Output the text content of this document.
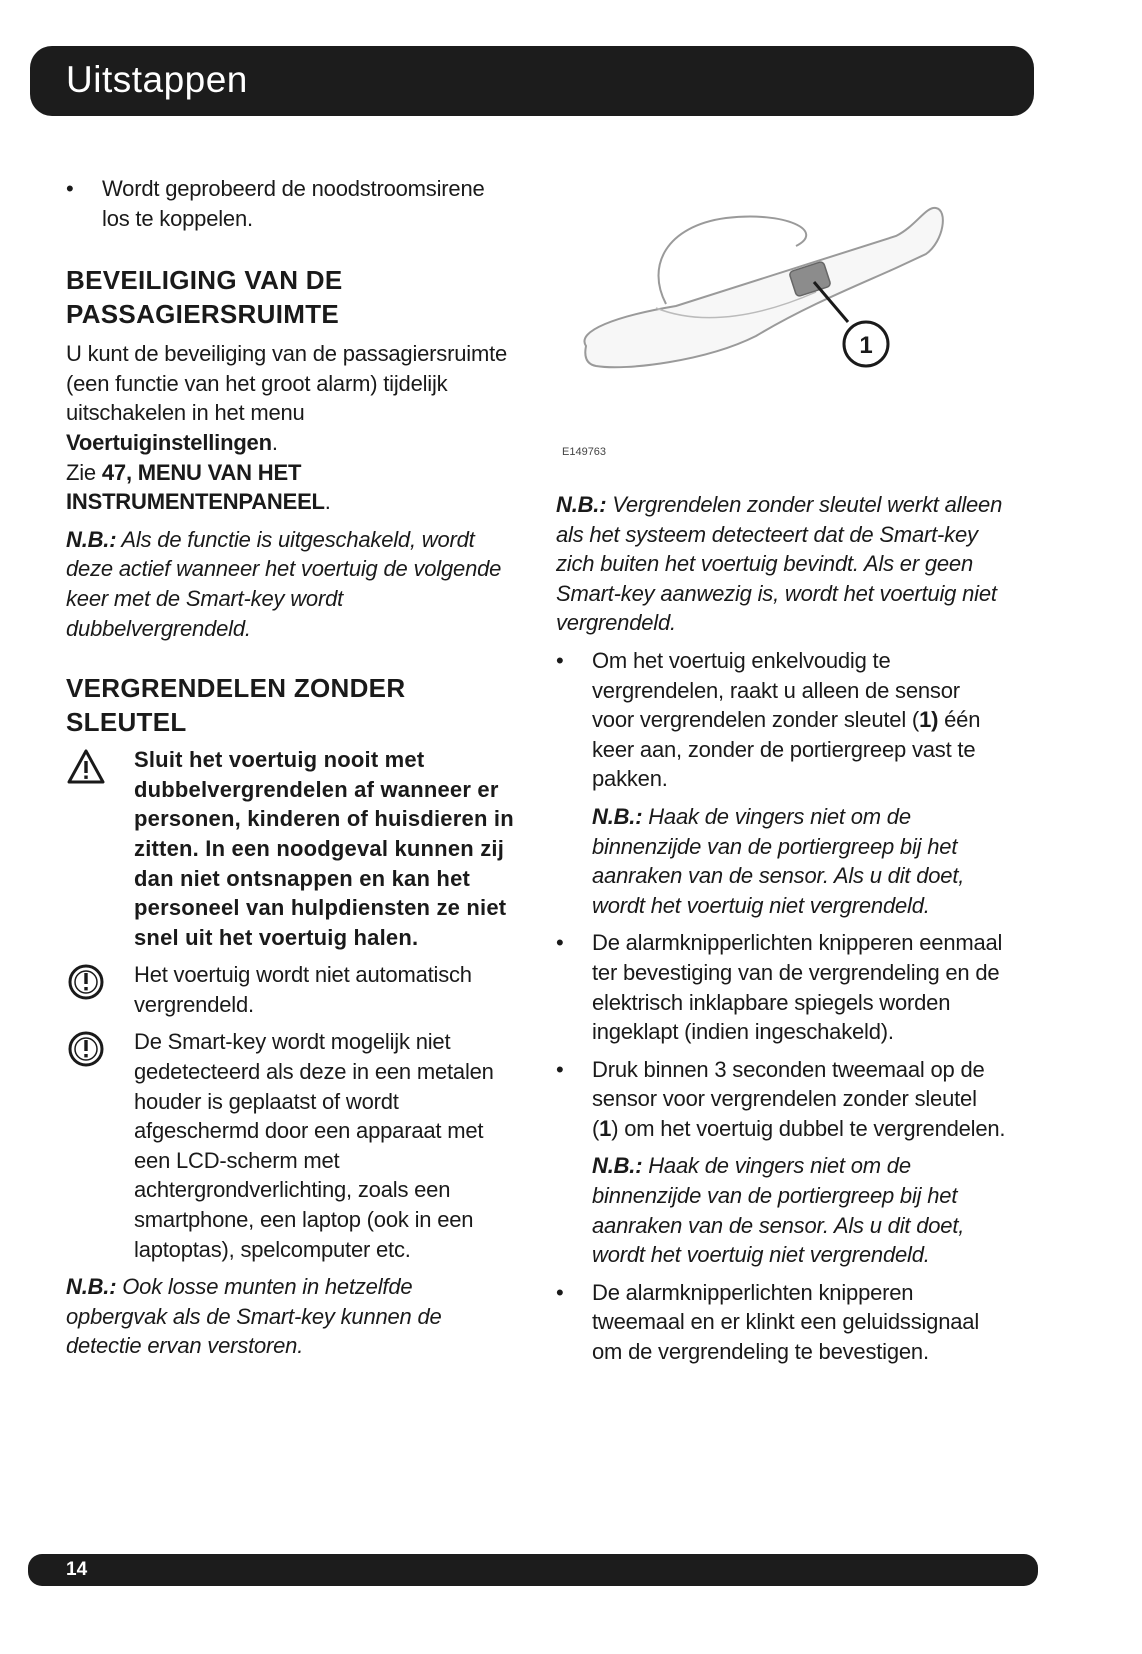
Uitstappen
• Wordt geprobeerd de noodstroomsirene los te koppelen.
BEVEILIGING VAN DE PASSAGIERSRUIMTE

U kunt de beveiliging van de passagiersruimte (een functie van het groot alarm) tijdelijk uitschakelen in het menu Voertuiginstellingen.

Zie 47, MENU VAN HET INSTRUMENTENPANEEL.

N.B.: Als de functie is uitgeschakeld, wordt deze actief wanneer het voertuig de volgende keer met de Smart-key wordt dubbelvergrendeld.

VERGRENDELEN ZONDER SLEUTEL
Sluit het voertuig nooit met dubbelvergrendelen af wanneer er personen, kinderen of huisdieren in zitten. In een noodgeval kunnen zij dan niet ontsnappen en kan het personeel van hulpdiensten ze niet snel uit het voertuig halen.
Het voertuig wordt niet automatisch vergrendeld.
De Smart-key wordt mogelijk niet gedetecteerd als deze in een metalen houder is geplaatst of wordt afgeschermd door een apparaat met een LCD-scherm met achtergrondverlichting, zoals een smartphone, een laptop (ook in een laptoptas), spelcomputer etc.

N.B.: Ook losse munten in hetzelfde opbergvak als de Smart-key kunnen de detectie ervan verstoren.

1
E149763

N.B.: Vergrendelen zonder sleutel werkt alleen als het systeem detecteert dat de Smart-key zich buiten het voertuig bevindt. Als er geen Smart-key aanwezig is, wordt het voertuig niet vergrendeld.

• Om het voertuig enkelvoudig te vergrendelen, raakt u alleen de sensor voor vergrendelen zonder sleutel (1) één keer aan, zonder de portiergreep vast te pakken.

N.B.: Haak de vingers niet om de binnenzijde van de portiergreep bij het aanraken van de sensor. Als u dit doet, wordt het voertuig niet vergrendeld.

• De alarmknipperlichten knipperen eenmaal ter bevestiging van de vergrendeling en de elektrisch inklapbare spiegels worden ingeklapt (indien ingeschakeld).
• Druk binnen 3 seconden tweemaal op de sensor voor vergrendelen zonder sleutel (1) om het voertuig dubbel te vergrendelen.

N.B.: Haak de vingers niet om de binnenzijde van de portiergreep bij het aanraken van de sensor. Als u dit doet, wordt het voertuig niet vergrendeld.

• De alarmknipperlichten knipperen tweemaal en er klinkt een geluidssignaal om de vergrendeling te bevestigen.
14
